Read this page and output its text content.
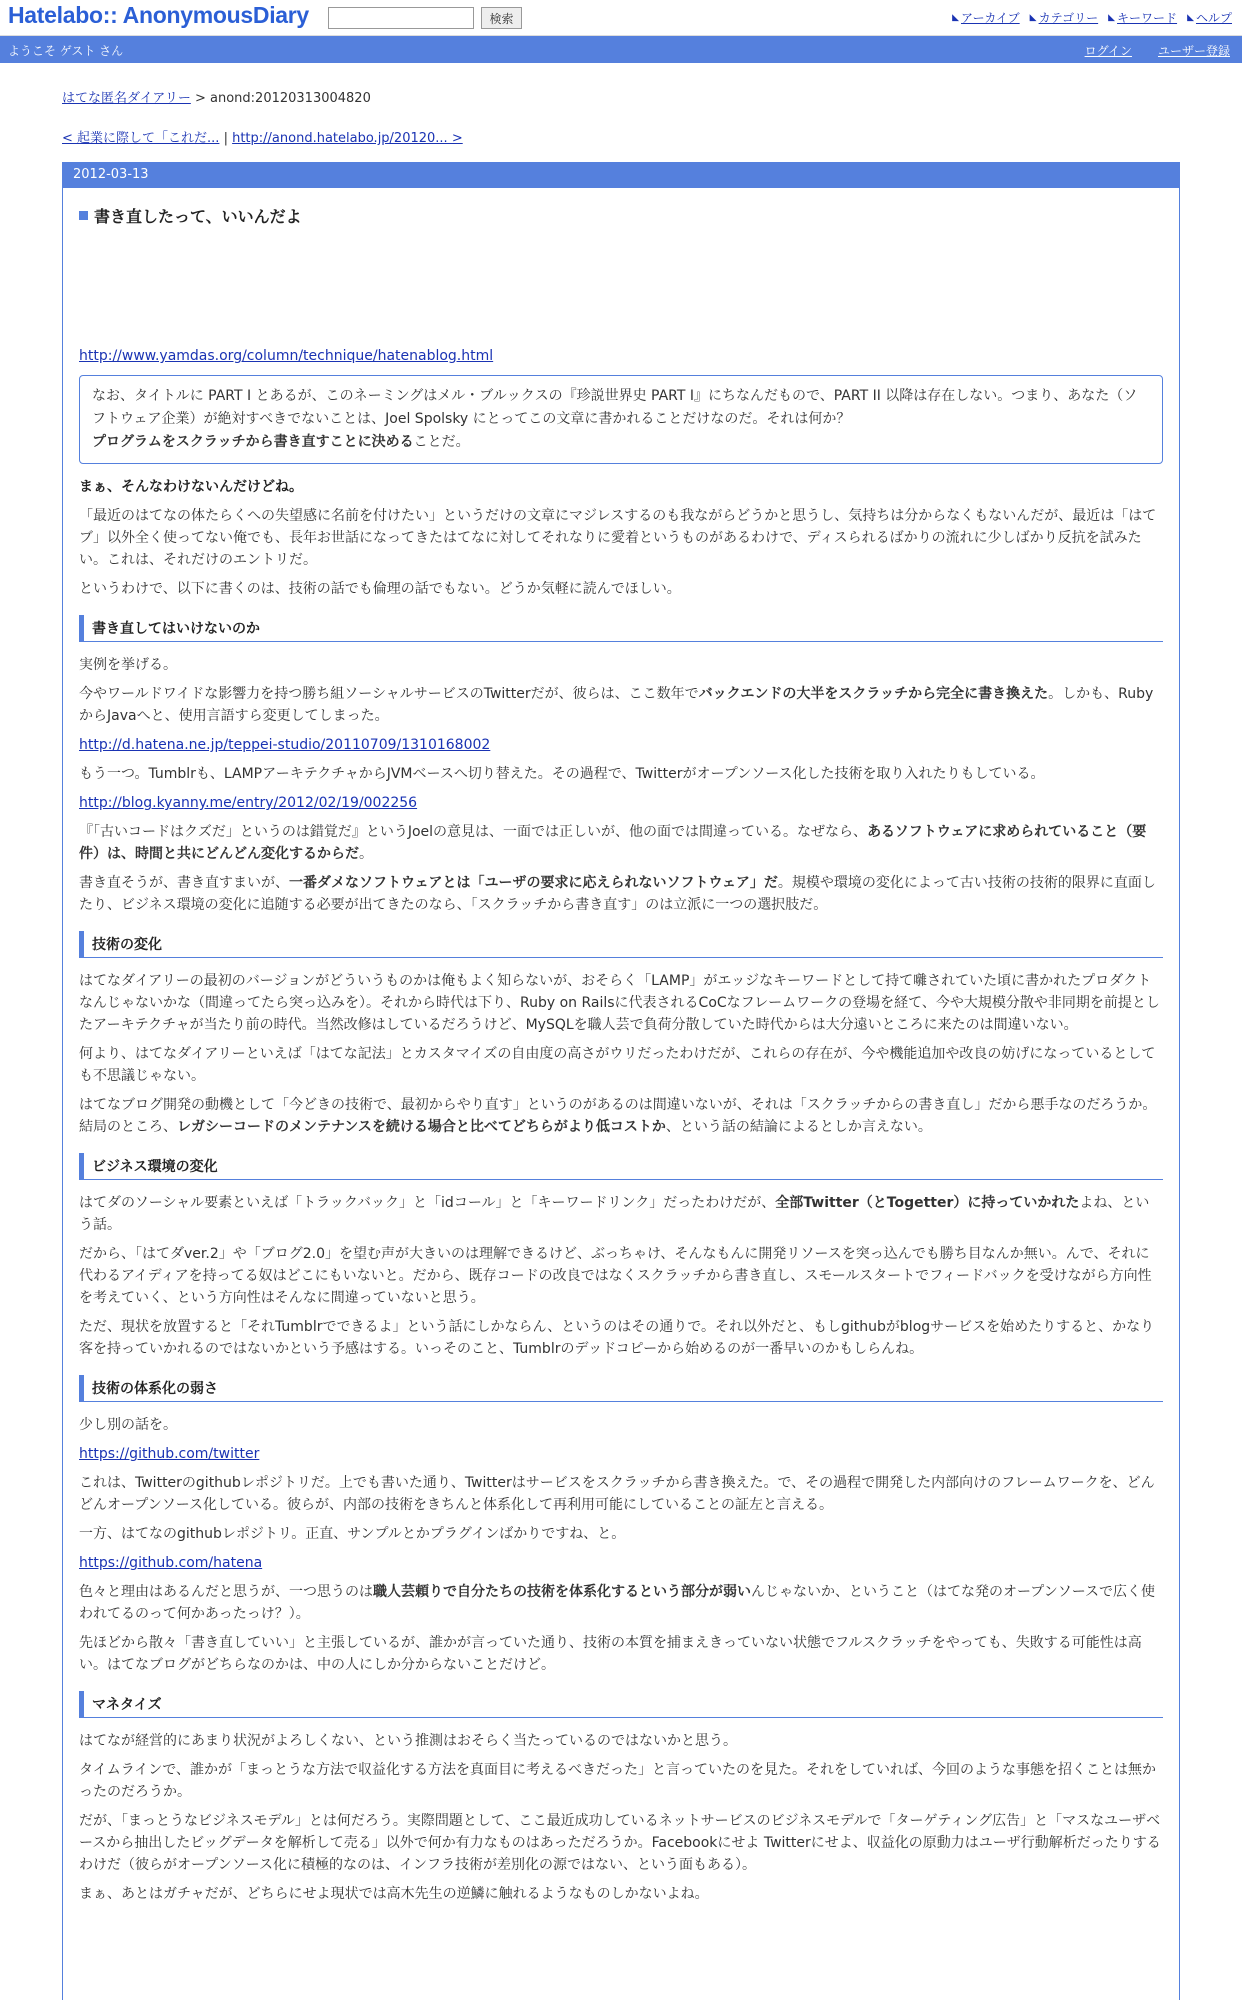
Hatelabo:: AnonymousDiary	検索	◣ アーカイブ ◣ カテゴリー ◣ キーワード ◣ ヘルプ
ようこそ ゲスト さん	ログイン ユーザー登録
はてな匿名ダイアリー > anond:20120313004820
< 起業に際して「これだ... | http://anond.hatelabo.jp/20120... >
2012-03-13
書き直したって、いいんだよ
http://www.yamdas.org/column/technique/hatenablog.html
なお、タイトルに PART I とあるが、このネーミングはメル・ブルックスの『珍説世界史 PART I』にちなんだもので、PART II 以降は存在しない。つまり、あなた（ソフトウェア企業）が絶対すべきでないことは、Joel Spolsky にとってこの文章に書かれることだけなのだ。それは何か？
プログラムをスクラッチから書き直すことに決めることだ。

まぁ、そんなわけないんだけどね。

「最近のはてなの体たらくへの失望感に名前を付けたい」というだけの文章にマジレスするのも我ながらどうかと思うし、気持ちは分からなくもないんだが、最近は「はてブ」以外全く使ってない俺でも、長年お世話になってきたはてなに対してそれなりに愛着というものがあるわけで、ディスられるばかりの流れに少しばかり反抗を試みたい。これは、それだけのエントリだ。

というわけで、以下に書くのは、技術の話でも倫理の話でもない。どうか気軽に読んでほしい。

書き直してはいけないのか

実例を挙げる。

今やワールドワイドな影響力を持つ勝ち組ソーシャルサービスのTwitterだが、彼らは、ここ数年でバックエンドの大半をスクラッチから完全に書き換えた。しかも、RubyからJavaへと、使用言語すら変更してしまった。

http://d.hatena.ne.jp/teppei-studio/20110709/1310168002

もう一つ。Tumblrも、LAMPアーキテクチャからJVMベースへ切り替えた。その過程で、Twitterがオープンソース化した技術を取り入れたりもしている。

http://blog.kyanny.me/entry/2012/02/19/002256

『「古いコードはクズだ」というのは錯覚だ』というJoelの意見は、一面では正しいが、他の面では間違っている。なぜなら、あるソフトウェアに求められていること（要件）は、時間と共にどんどん変化するからだ。

書き直そうが、書き直すまいが、一番ダメなソフトウェアとは「ユーザの要求に応えられないソフトウェア」だ。規模や環境の変化によって古い技術の技術的限界に直面したり、ビジネス環境の変化に追随する必要が出てきたのなら、「スクラッチから書き直す」のは立派に一つの選択肢だ。

技術の変化

はてなダイアリーの最初のバージョンがどういうものかは俺もよく知らないが、おそらく「LAMP」がエッジなキーワードとして持て囃されていた頃に書かれたプロダクトなんじゃないかな（間違ってたら突っ込みを）。それから時代は下り、Ruby on Railsに代表されるCoCなフレームワークの登場を経て、今や大規模分散や非同期を前提としたアーキテクチャが当たり前の時代。当然改修はしているだろうけど、MySQLを職人芸で負荷分散していた時代からは大分遠いところに来たのは間違いない。

何より、はてなダイアリーといえば「はてな記法」とカスタマイズの自由度の高さがウリだったわけだが、これらの存在が、今や機能追加や改良の妨げになっているとしても不思議じゃない。

はてなブログ開発の動機として「今どきの技術で、最初からやり直す」というのがあるのは間違いないが、それは「スクラッチからの書き直し」だから悪手なのだろうか。結局のところ、レガシーコードのメンテナンスを続ける場合と比べてどちらがより低コストか、という話の結論によるとしか言えない。

ビジネス環境の変化

はてダのソーシャル要素といえば「トラックバック」と「idコール」と「キーワードリンク」だったわけだが、全部Twitter（とTogetter）に持っていかれたよね、という話。

だから、「はてダver.2」や「ブログ2.0」を望む声が大きいのは理解できるけど、ぶっちゃけ、そんなもんに開発リソースを突っ込んでも勝ち目なんか無い。んで、それに代わるアイディアを持ってる奴はどこにもいないと。だから、既存コードの改良ではなくスクラッチから書き直し、スモールスタートでフィードバックを受けながら方向性を考えていく、という方向性はそんなに間違っていないと思う。

ただ、現状を放置すると「それTumblrでできるよ」という話にしかならん、というのはその通りで。それ以外だと、もしgithubがblogサービスを始めたりすると、かなり客を持っていかれるのではないかという予感はする。いっそのこと、Tumblrのデッドコピーから始めるのが一番早いのかもしらんね。

技術の体系化の弱さ

少し別の話を。

https://github.com/twitter

これは、Twitterのgithubレポジトリだ。上でも書いた通り、Twitterはサービスをスクラッチから書き換えた。で、その過程で開発した内部向けのフレームワークを、どんどんオープンソース化している。彼らが、内部の技術をきちんと体系化して再利用可能にしていることの証左と言える。

一方、はてなのgithubレポジトリ。正直、サンプルとかプラグインばかりですね、と。

https://github.com/hatena

色々と理由はあるんだと思うが、一つ思うのは職人芸頼りで自分たちの技術を体系化するという部分が弱いんじゃないか、ということ（はてな発のオープンソースで広く使われてるのって何かあったっけ？）。

先ほどから散々「書き直していい」と主張しているが、誰かが言っていた通り、技術の本質を捕まえきっていない状態でフルスクラッチをやっても、失敗する可能性は高い。はてなブログがどちらなのかは、中の人にしか分からないことだけど。

マネタイズ

はてなが経営的にあまり状況がよろしくない、という推測はおそらく当たっているのではないかと思う。

タイムラインで、誰かが「まっとうな方法で収益化する方法を真面目に考えるべきだった」と言っていたのを見た。それをしていれば、今回のような事態を招くことは無かったのだろうか。

だが、「まっとうなビジネスモデル」とは何だろう。実際問題として、ここ最近成功しているネットサービスのビジネスモデルで「ターゲティング広告」と「マスなユーザベースから抽出したビッグデータを解析して売る」以外で何か有力なものはあっただろうか。Facebookにせよ Twitterにせよ、収益化の原動力はユーザ行動解析だったりするわけだ（彼らがオープンソース化に積極的なのは、インフラ技術が差別化の源ではない、という面もある）。

まぁ、あとはガチャだが、どちらにせよ現状では高木先生の逆鱗に触れるようなものしかないよね。
